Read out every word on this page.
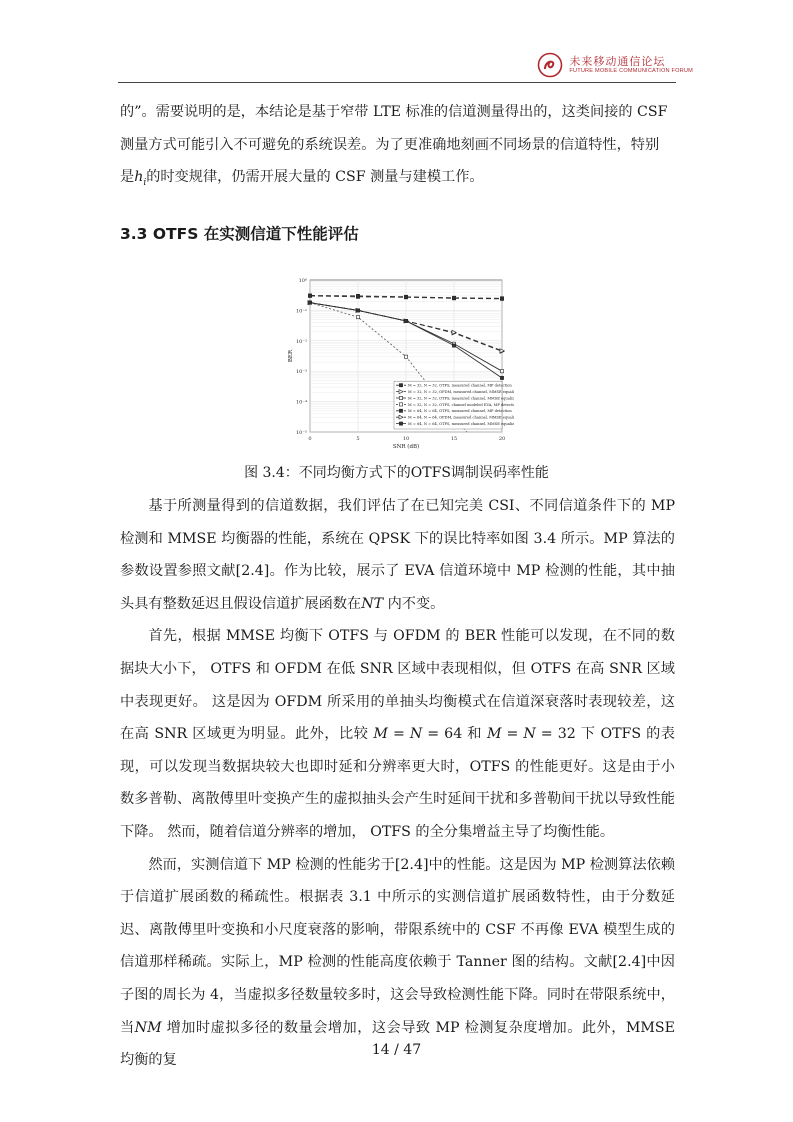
未来移动通信论坛
FUTURE MOBILE COMMUNICATION FORUM

的”。需要说明的是，本结论是基于窄带 LTE 标准的信道测量得出的，这类间接的 CSF

测量方式可能引入不可避免的系统误差。为了更准确地刻画不同场景的信道特性，特别

是$h_i$的时变规律，仍需开展大量的 CSF 测量与建模工作。

3.3 OTFS 在实测信道下性能评估
0	5	10	15	20
10⁰
10⁻¹
10⁻²
10⁻³
10⁻⁴
10⁻⁵
SNR (dB)
BER
M = 32, N = 32, OTFS, measured channel, MP detection
M = 32, N = 32, OFDM, measured channel, MMSE equalization
M = 32, N = 32, OTFS, measured channel, MMSE equalization
M = 32, N = 32, OTFS, channel modeled EVA, MP detection
M = 64, N = 64, OTFS, measured channel, MP detection
M = 64, N = 64, OFDM, measured channel, MMSE equalization
M = 64, N = 64, OTFS, measured channel, MMSE equalization
图 3.4：不同均衡方式下的OTFS调制误码率性能

基于所测量得到的信道数据，我们评估了在已知完美 CSI、不同信道条件下的 MP 检测和 MMSE 均衡器的性能，系统在 QPSK 下的误比特率如图 3.4 所示。MP 算法的参数设置参照文献[2.4]。作为比较，展示了 EVA 信道环境中 MP 检测的性能，其中抽头具有整数延迟且假设信道扩展函数在NT 内不变。

首先，根据 MMSE 均衡下 OTFS 与 OFDM 的 BER 性能可以发现，在不同的数据块大小下， OTFS 和 OFDM 在低 SNR 区域中表现相似，但 OTFS 在高 SNR 区域中表现更好。 这是因为 OFDM 所采用的单抽头均衡模式在信道深衰落时表现较差，这在高 SNR 区域更为明显。此外，比较 M = N = 64 和 M = N = 32 下 OTFS 的表现，可以发现当数据块较大也即时延和分辨率更大时，OTFS 的性能更好。这是由于小数多普勒、离散傅里叶变换产生的虚拟抽头会产生时延间干扰和多普勒间干扰以导致性能下降。 然而，随着信道分辨率的增加， OTFS 的全分集增益主导了均衡性能。

然而，实测信道下 MP 检测的性能劣于[2.4]中的性能。这是因为 MP 检测算法依赖于信道扩展函数的稀疏性。根据表 3.1 中所示的实测信道扩展函数特性，由于分数延迟、离散傅里叶变换和小尺度衰落的影响，带限系统中的 CSF 不再像 EVA 模型生成的信道那样稀疏。实际上，MP 检测的性能高度依赖于 Tanner 图的结构。文献[2.4]中因子图的周长为 4，当虚拟多径数量较多时，这会导致检测性能下降。同时在带限系统中，当NM 增加时虚拟多径的数量会增加，这会导致 MP 检测复杂度增加。此外，MMSE 均衡的复

14 / 47
